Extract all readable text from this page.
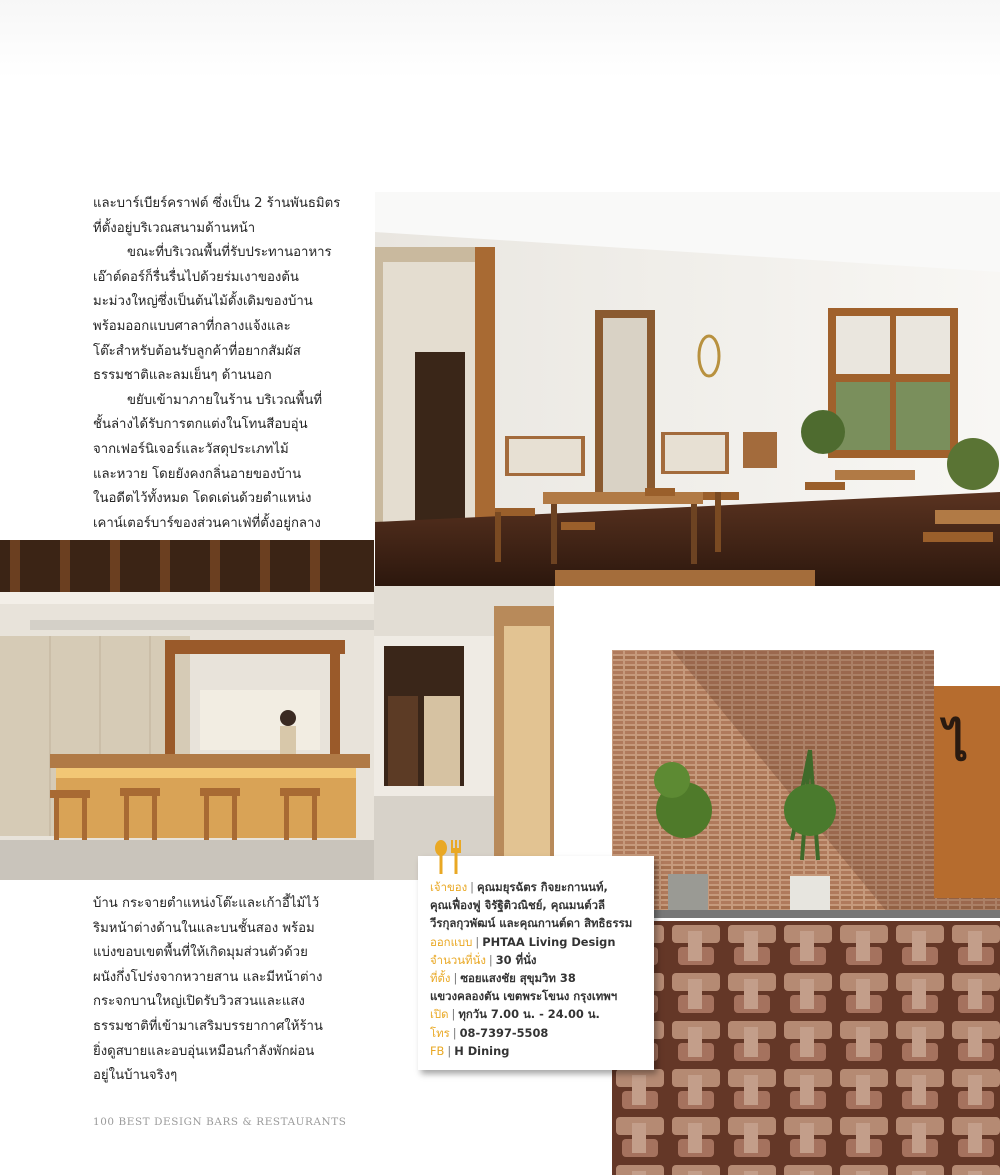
และบาร์เบียร์คราฟต์ ซึ่งเป็น 2 ร้านพันธมิตร

ที่ตั้งอยู่บริเวณสนามด้านหน้า

ขณะที่บริเวณพื้นที่รับประทานอาหาร

เอ๊าต์ดอร์ก็รื่นรื่นไปด้วยร่มเงาของต้น

มะม่วงใหญ่ซึ่งเป็นต้นไม้ดั้งเดิมของบ้าน

พร้อมออกแบบศาลาที่กลางแจ้งและ

โต๊ะสำหรับต้อนรับลูกค้าที่อยากสัมผัส

ธรรมชาติและลมเย็นๆ ด้านนอก

ขยับเข้ามาภายในร้าน บริเวณพื้นที่

ชั้นล่างได้รับการตกแต่งในโทนสีอบอุ่น

จากเฟอร์นิเจอร์และวัสดุประเภทไม้

และหวาย โดยยังคงกลิ่นอายของบ้าน

ในอดีตไว้ทั้งหมด โดดเด่นด้วยตำแหน่ง

เคาน์เตอร์บาร์ของส่วนคาเฟ่ที่ตั้งอยู่กลาง

ไ

บ้าน กระจายตำแหน่งโต๊ะและเก้าอี้ไม้ไว้

ริมหน้าต่างด้านในและบนชั้นสอง พร้อม

แบ่งขอบเขตพื้นที่ให้เกิดมุมส่วนตัวด้วย

ผนังกึ่งโปร่งจากหวายสาน และมีหน้าต่าง

กระจกบานใหญ่เปิดรับวิวสวนและแสง

ธรรมชาติที่เข้ามาเสริมบรรยากาศให้ร้าน

ยิ่งดูสบายและอบอุ่นเหมือนกำลังพักผ่อน

อยู่ในบ้านจริงๆ

เจ้าของ | คุณมยุรฉัตร กิจยะกานนท์,
คุณเฟื่องฟู จิรัฐิติวณิชย์, คุณมนต์วลี
วีรกุลกุวพัฒน์ และคุณกานต์ดา สิทธิธรรม
ออกแบบ | PHTAA Living Design
จำนวนที่นั่ง | 30 ที่นั่ง
ที่ตั้ง | ซอยแสงชัย สุขุมวิท 38
แขวงคลองตัน เขตพระโขนง กรุงเทพฯ
เปิด | ทุกวัน 7.00 น. - 24.00 น.
โทร | 08-7397-5508
FB | H Dining
100 BEST DESIGN BARS & RESTAURANTS
